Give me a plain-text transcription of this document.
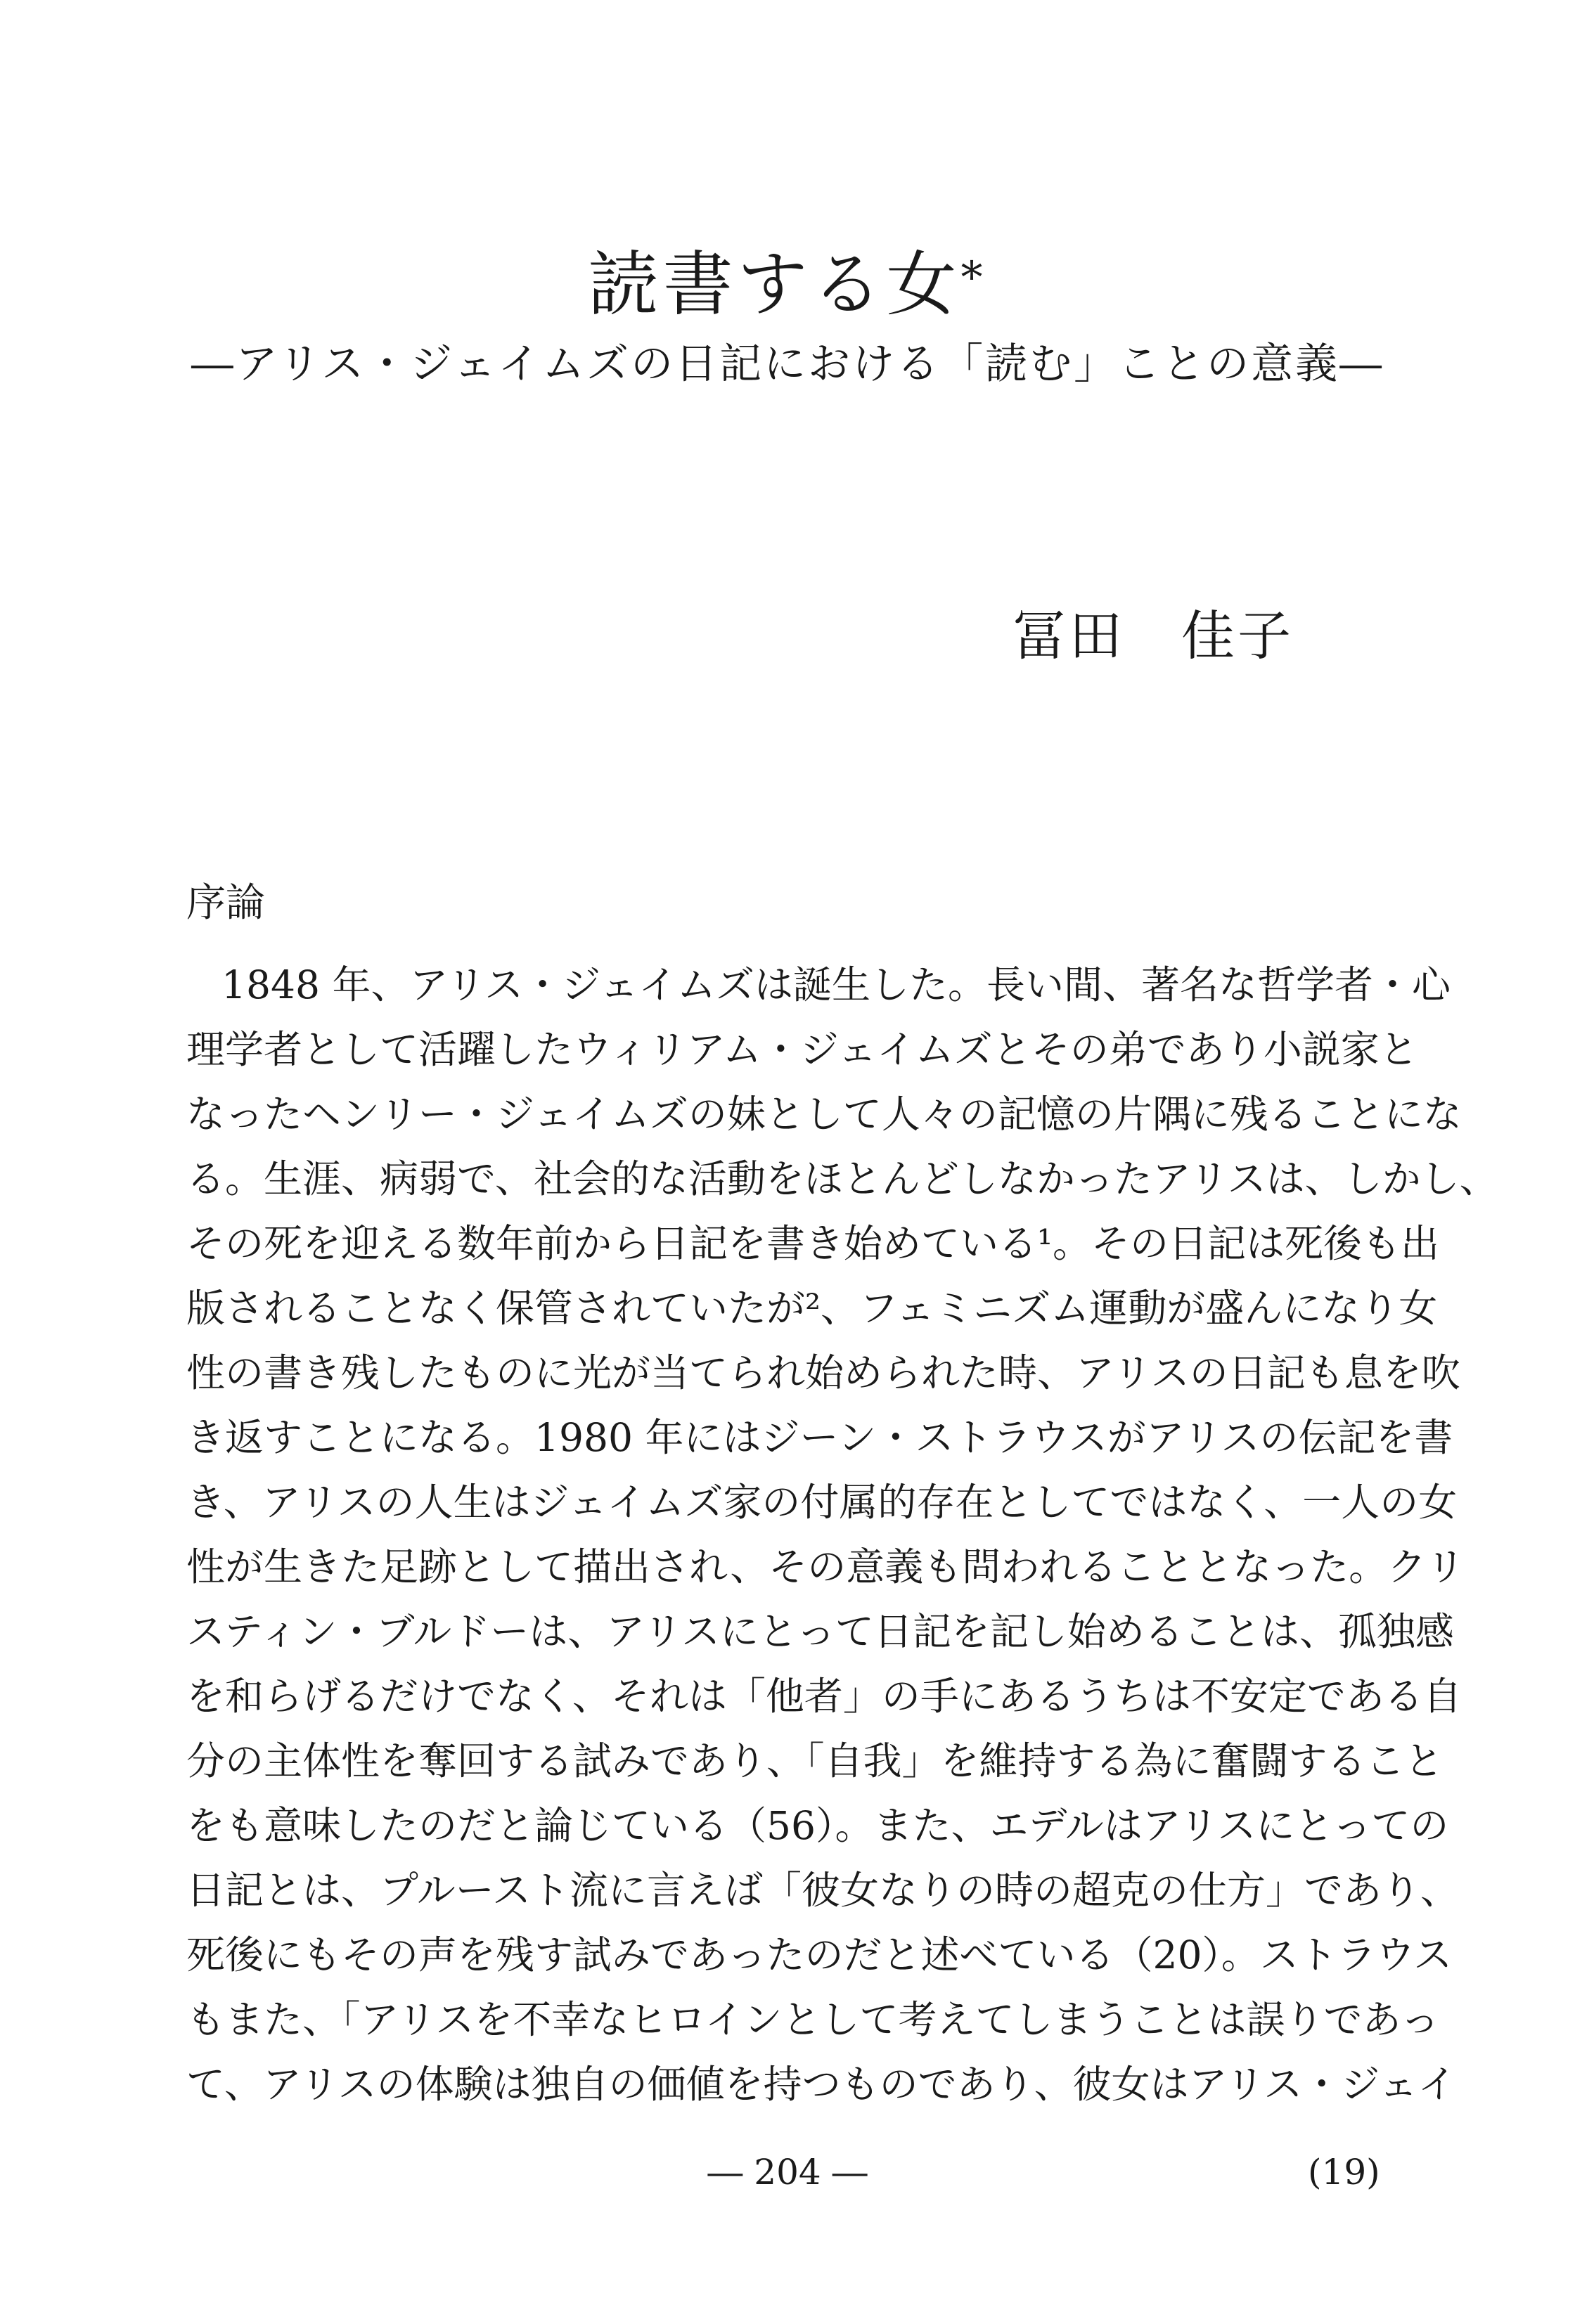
読書する女*
―アリス・ジェイムズの日記における「読む」ことの意義―

冨田　佳子

序論
1848 年、アリス・ジェイムズは誕生した。長い間、著名な哲学者・心
理学者として活躍したウィリアム・ジェイムズとその弟であり小説家と
なったヘンリー・ジェイムズの妹として人々の記憶の片隅に残ることにな
る。生涯、病弱で、社会的な活動をほとんどしなかったアリスは、しかし、
その死を迎える数年前から日記を書き始めている¹。その日記は死後も出
版されることなく保管されていたが²、フェミニズム運動が盛んになり女
性の書き残したものに光が当てられ始められた時、アリスの日記も息を吹
き返すことになる。1980 年にはジーン・ストラウスがアリスの伝記を書
き、アリスの人生はジェイムズ家の付属的存在としてではなく、一人の女
性が生きた足跡として描出され、その意義も問われることとなった。クリ
スティン・ブルドーは、アリスにとって日記を記し始めることは、孤独感
を和らげるだけでなく、それは「他者」の手にあるうちは不安定である自
分の主体性を奪回する試みであり、「自我」を維持する為に奮闘すること
をも意味したのだと論じている（56）。また、エデルはアリスにとっての
日記とは、プルースト流に言えば「彼女なりの時の超克の仕方」であり、
死後にもその声を残す試みであったのだと述べている（20）。ストラウス
もまた、「アリスを不幸なヒロインとして考えてしまうことは誤りであっ
て、アリスの体験は独自の価値を持つものであり、彼女はアリス・ジェイ

― 204 ―	(19)
